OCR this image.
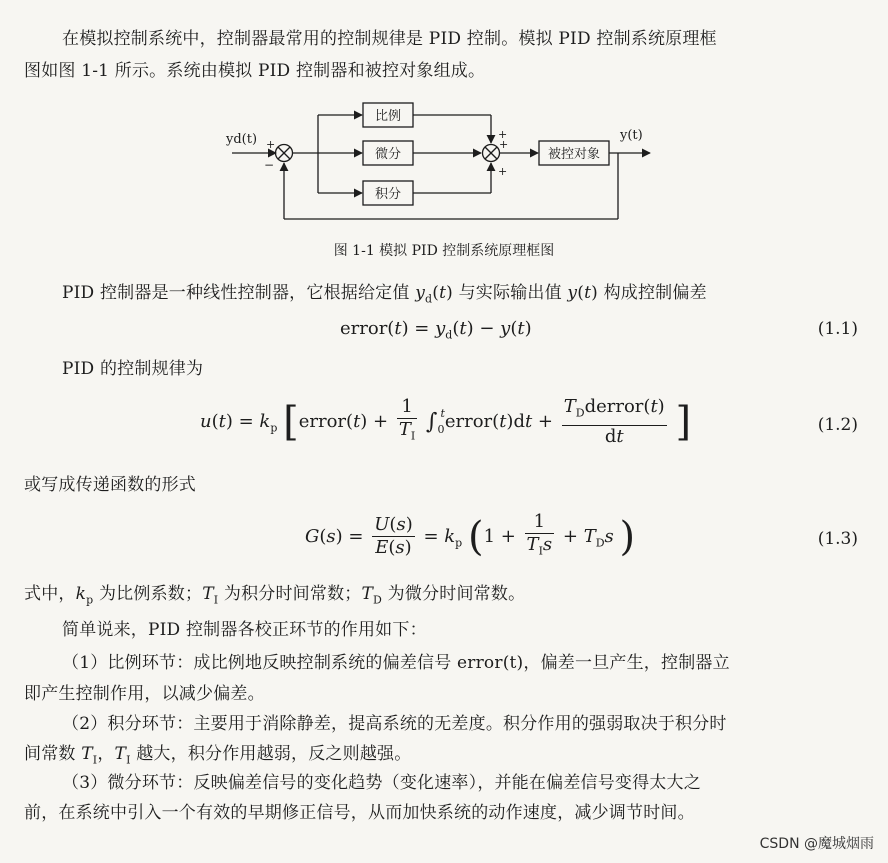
在模拟控制系统中，控制器最常用的控制规律是 PID 控制。模拟 PID 控制系统原理框
图如图 1-1 所示。系统由模拟 PID 控制器和被控对象组成。
yd(t)	y(t)
比例
微分
积分
被控对象
+
−
+
+
+
图 1-1 模拟 PID 控制系统原理框图
PID 控制器是一种线性控制器，它根据给定值 $y_d(t)$ 与实际输出值 y(t) 构成控制偏差
error(t) = $y_d(t) - y(t)$	(1.1)
PID 的控制规律为
$u(t) = k_p$ [error(t) + $\frac{1}{T_I}$ $\int_0^terror(t)dt + \frac{T_Dderror(t)}{dt}$ ]	(1.2)
或写成传递函数的形式
$G(s) = \frac{U(s)}{E(s)} = k_p$ ($1 + \frac{1}{T_Is} + T_Ds$ )	(1.3)
式中，$k_p$ 为比例系数；$T_I$ 为积分时间常数；$T_D$ 为微分时间常数。
简单说来，PID 控制器各校正环节的作用如下：
（1）比例环节：成比例地反映控制系统的偏差信号 error(t)，偏差一旦产生，控制器立
即产生控制作用，以减少偏差。
（2）积分环节：主要用于消除静差，提高系统的无差度。积分作用的强弱取决于积分时
间常数 $T_I$，$T_I$ 越大，积分作用越弱，反之则越强。
（3）微分环节：反映偏差信号的变化趋势（变化速率），并能在偏差信号变得太大之
前，在系统中引入一个有效的早期修正信号，从而加快系统的动作速度，减少调节时间。
CSDN @魔城烟雨
